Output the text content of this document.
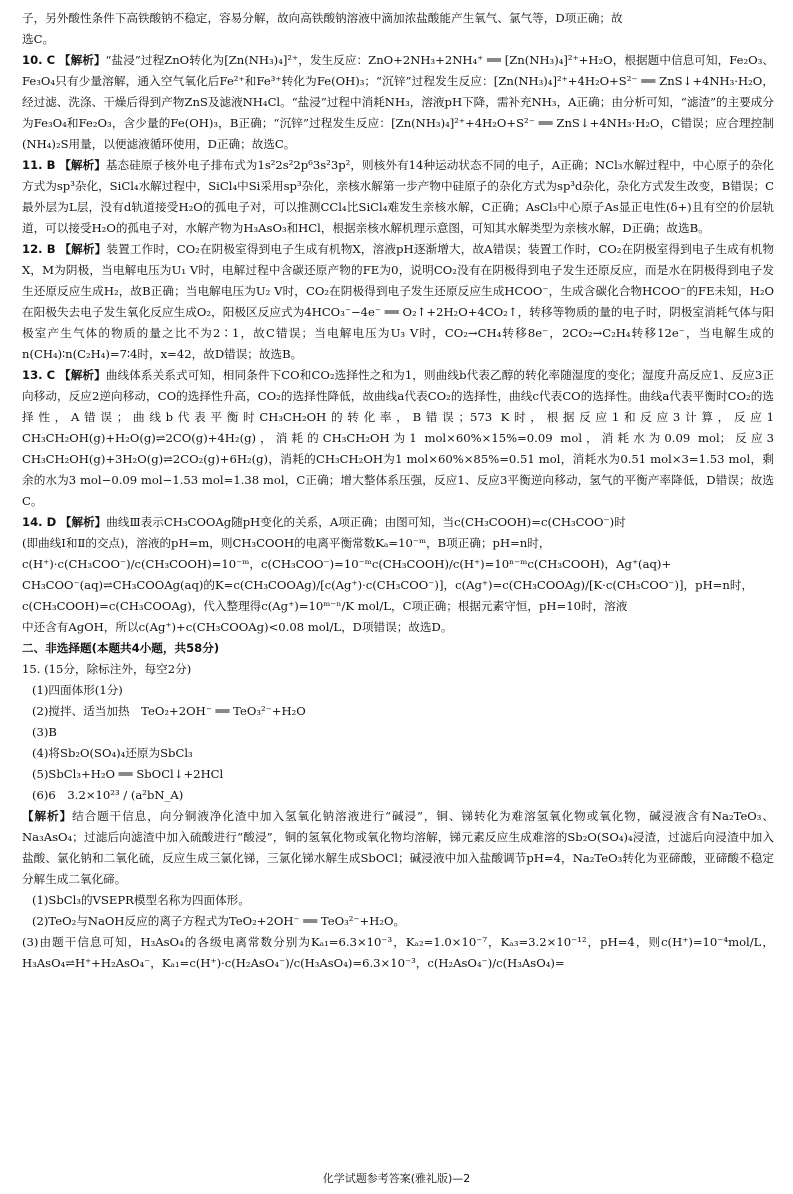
子，另外酸性条件下高铁酸钠不稳定，容易分解，故向高铁酸钠溶液中滴加浓盐酸能产生氧气、氯气等，D项正确；故

选C。

10. C 【解析】“盐浸”过程ZnO转化为[Zn(NH₃)₄]²⁺，发生反应：ZnO+2NH₃+2NH₄⁺ ══ [Zn(NH₃)₄]²⁺+H₂O，根据题中信息可知，Fe₂O₃、Fe₃O₄只有少量溶解，通入空气氧化后Fe²⁺和Fe³⁺转化为Fe(OH)₃；“沉锌”过程发生反应：[Zn(NH₃)₄]²⁺+4H₂O+S²⁻ ══ ZnS↓+4NH₃·H₂O，经过滤、洗涤、干燥后得到产物ZnS及滤液NH₄Cl。“盐浸”过程中消耗NH₃，溶液pH下降，需补充NH₃，A正确；由分析可知，“滤渣”的主要成分为Fe₃O₄和Fe₂O₃，含少量的Fe(OH)₃，B正确；“沉锌”过程发生反应：[Zn(NH₃)₄]²⁺+4H₂O+S²⁻ ══ ZnS↓+4NH₃·H₂O，C错误；应合理控制(NH₄)₂S用量，以便滤液循环使用，D正确；故选C。

11. B 【解析】基态硅原子核外电子排布式为1s²2s²2p⁶3s²3p²，则核外有14种运动状态不同的电子，A正确；NCl₃水解过程中，中心原子的杂化方式为sp³杂化，SiCl₄水解过程中，SiCl₄中Si采用sp³杂化，亲核水解第一步产物中硅原子的杂化方式为sp³d杂化，杂化方式发生改变，B错误；C最外层为L层，没有d轨道接受H₂O的孤电子对，可以推测CCl₄比SiCl₄难发生亲核水解，C正确；AsCl₃中心原子As显正电性(δ+)且有空的价层轨道，可以接受H₂O的孤电子对，水解产物为H₃AsO₃和HCl，根据亲核水解机理示意图，可知其水解类型为亲核水解，D正确；故选B。

12. B 【解析】装置工作时，CO₂在阴极室得到电子生成有机物X，溶液pH逐渐增大，故A错误；装置工作时，CO₂在阴极室得到电子生成有机物X，M为阴极，当电解电压为U₁ V时，电解过程中含碳还原产物的FE为0，说明CO₂没有在阴极得到电子发生还原反应，而是水在阴极得到电子发生还原反应生成H₂，故B正确；当电解电压为U₂ V时，CO₂在阴极得到电子发生还原反应生成HCOO⁻，生成含碳化合物HCOO⁻的FE未知，H₂O在阳极失去电子发生氧化反应生成O₂，阳极区反应式为4HCO₃⁻−4e⁻ ══ O₂↑+2H₂O+4CO₂↑，转移等物质的量的电子时，阴极室消耗气体与阳极室产生气体的物质的量之比不为2∶1，故C错误；当电解电压为U₃ V时，CO₂→CH₄转移8e⁻，2CO₂→C₂H₄转移12e⁻，当电解生成的n(CH₄)∶n(C₂H₄)=7∶4时，x=42，故D错误；故选B。

13. C 【解析】曲线体系关系式可知，相同条件下CO和CO₂选择性之和为1，则曲线b代表乙醇的转化率随湿度的变化；湿度升高反应1、反应3正向移动，反应2逆向移动，CO的选择性升高，CO₂的选择性降低，故曲线a代表CO₂的选择性，曲线c代表CO的选择性。曲线a代表平衡时CO₂的选择性，A错误；曲线b代表平衡时CH₃CH₂OH的转化率，B错误；573 K时，根据反应1和反应3计算，反应1 CH₃CH₂OH(g)+H₂O(g)⇌2CO(g)+4H₂(g)，消耗的CH₃CH₂OH为1 mol×60%×15%=0.09 mol，消耗水为0.09 mol；反应3 CH₃CH₂OH(g)+3H₂O(g)⇌2CO₂(g)+6H₂(g)，消耗的CH₃CH₂OH为1 mol×60%×85%=0.51 mol，消耗水为0.51 mol×3=1.53 mol，剩余的水为3 mol−0.09 mol−1.53 mol=1.38 mol，C正确；增大整体系压强，反应1、反应3平衡逆向移动，氢气的平衡产率降低，D错误；故选C。

14. D 【解析】曲线Ⅲ表示CH₃COOAg随pH变化的关系，A项正确；由图可知，当c(CH₃COOH)=c(CH₃COO⁻)时
(即曲线Ⅰ和Ⅱ的交点)，溶液的pH=m，则CH₃COOH的电离平衡常数Kₐ=10⁻ᵐ，B项正确；pH=n时，
c(H⁺)·c(CH₃COO⁻)/c(CH₃COOH)=10⁻ᵐ，c(CH₃COO⁻)=10⁻ᵐc(CH₃COOH)/c(H⁺)=10ⁿ⁻ᵐc(CH₃COOH)，Ag⁺(aq)+
CH₃COO⁻(aq)⇌CH₃COOAg(aq)的K=c(CH₃COOAg)/[c(Ag⁺)·c(CH₃COO⁻)]，c(Ag⁺)=c(CH₃COOAg)/[K·c(CH₃COO⁻)]，pH=n时，
c(CH₃COOH)=c(CH₃COOAg)，代入整理得c(Ag⁺)=10ᵐ⁻ⁿ/K mol/L，C项正确；根据元素守恒，pH=10时，溶液
中还含有AgOH，所以c(Ag⁺)+c(CH₃COOAg)<0.08 mol/L，D项错误；故选D。

二、非选择题(本题共4小题，共58分)

15. (15分，除标注外，每空2分)

(1)四面体形(1分)

(2)搅拌、适当加热　TeO₂+2OH⁻ ══ TeO₃²⁻+H₂O

(3)B

(4)将Sb₂O(SO₄)₄还原为SbCl₃

(5)SbCl₃+H₂O ══ SbOCl↓+2HCl

(6)6　3.2×10²³ / (a²bN_A)

【解析】结合题干信息，向分铜液净化渣中加入氢氧化钠溶液进行“碱浸”，铜、锑转化为难溶氢氧化物或氧化物，碱浸液含有Na₂TeO₃、Na₃AsO₄；过滤后向滤渣中加入硫酸进行“酸浸”，铜的氢氧化物或氧化物均溶解，锑元素反应生成难溶的Sb₂O(SO₄)₄浸渣，过滤后向浸渣中加入盐酸、氯化钠和二氧化硫，反应生成三氯化锑，三氯化锑水解生成SbOCl；碱浸液中加入盐酸调节pH=4，Na₂TeO₃转化为亚碲酸，亚碲酸不稳定分解生成二氧化碲。

(1)SbCl₃的VSEPR模型名称为四面体形。

(2)TeO₂与NaOH反应的离子方程式为TeO₂+2OH⁻ ══ TeO₃²⁻+H₂O。

(3)由题干信息可知，H₃AsO₄的各级电离常数分别为Kₐ₁=6.3×10⁻³，Kₐ₂=1.0×10⁻⁷，Kₐ₃=3.2×10⁻¹²，pH=4，则c(H⁺)=10⁻⁴mol/L，H₃AsO₄⇌H⁺+H₂AsO₄⁻，Kₐ₁=c(H⁺)·c(H₂AsO₄⁻)/c(H₃AsO₄)=6.3×10⁻³，c(H₂AsO₄⁻)/c(H₃AsO₄)=

化学试题参考答案(雅礼版)—2
